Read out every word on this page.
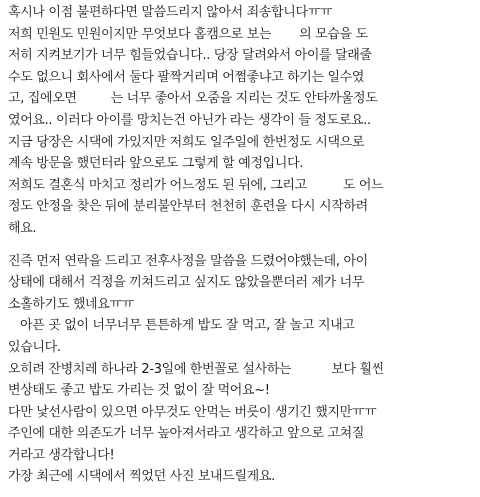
혹시나 이점 불편하다면 말씀드리지 않아서 죄송합니다ㅠㅠ
저희 민원도 민원이지만 무엇보다 홈캠으로 보는 의 모습을 도
저히 지켜보기가 너무 힘들었습니다.. 당장 달려와서 아이를 달래줄
수도 없으니 회사에서 둘다 팔짝거리며 어쩜좋냐고 하기는 일수였
고, 집에오면	는 너무 좋아서 오줌을 지리는 것도 안타까울정도
였어요.. 이러다 아이를 망치는건 아닌가 라는 생각이 들 정도로요..
지금 당장은 시댁에 가있지만 저희도 일주일에 한번정도 시댁으로
계속 방문을 했던터라 앞으로도 그렇게 할 예정입니다.
저희도 결혼식 마치고 정리가 어느정도 된 뒤에, 그리고	도 어느
정도 안정을 찾은 뒤에 분리불안부터 천천히 훈련을 다시 시작하려
해요.
진즉 먼저 연락을 드리고 전후사정을 말씀을 드렸어야했는데, 아이
상태에 대해서 걱정을 끼쳐드리고 싶지도 않았을뿐더러 제가 너무
소홀하기도 했네요ㅠㅠ
아픈 곳 없이 너무너무 튼튼하게 밥도 잘 먹고, 잘 놀고 지내고
있습니다.
오히려 잔병치레 하나라 2-3일에 한번꼴로 설사하는	보다 훨씬
변상태도 좋고 밥도 가리는 것 없이 잘 먹어요~!
다만 낯선사람이 있으면 아무것도 안먹는 버릇이 생기긴 했지만ㅠㅠ
주인에 대한 의존도가 너무 높아져서라고 생각하고 앞으로 고쳐질
거라고 생각합니다!
가장 최근에 시댁에서 찍었던 사진 보내드릴게요.
